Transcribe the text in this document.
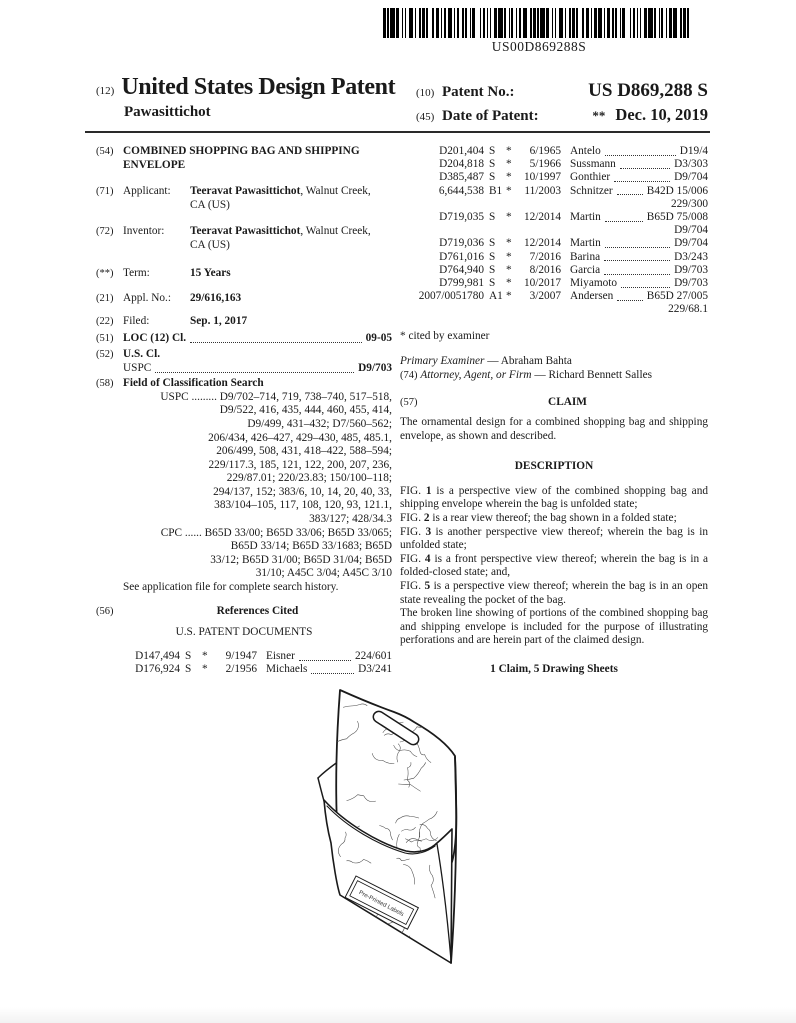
US00D869288S
(12) United States Design Patent
Pawasittichot
(10) Patent No.:	US D869,288 S
(45) Date of Patent:	** Dec. 10, 2019
(54) COMBINED SHOPPING BAG AND SHIPPING ENVELOPE
(71) Applicant:	Teeravat Pawasittichot, Walnut Creek,
CA (US)
(72) Inventor:	Teeravat Pawasittichot, Walnut Creek,
CA (US)
(**) Term:	15 Years
(21) Appl. No.:	29/616,163
(22) Filed:	Sep. 1, 2017
(51) LOC (12) Cl.	09-05
(52) U.S. Cl.
USPC	D9/703
(58) Field of Classification Search
USPC ......... D9/702–714, 719, 738–740, 517–518,
D9/522, 416, 435, 444, 460, 455, 414,
D9/499, 431–432; D7/560–562;
206/434, 426–427, 429–430, 485, 485.1,
206/499, 508, 431, 418–422, 588–594;
229/117.3, 185, 121, 122, 200, 207, 236,
229/87.01; 220/23.83; 150/100–118;
294/137, 152; 383/6, 10, 14, 20, 40, 33,
383/104–105, 117, 108, 120, 93, 121.1,
383/127; 428/34.3
CPC ...... B65D 33/00; B65D 33/06; B65D 33/065;
B65D 33/14; B65D 33/1683; B65D
33/12; B65D 31/00; B65D 31/04; B65D
31/10; A45C 3/04; A45C 3/10
See application file for complete search history.
(56)	References Cited
U.S. PATENT DOCUMENTS
D147,494 S *	9/1947 Eisner	224/601
D176,924 S *	2/1956 Michaels	D3/241
D201,404 S *	6/1965 Antelo	D19/4
D204,818 S *	5/1966 Sussmann	D3/303
D385,487 S *	10/1997 Gonthier	D9/704
6,644,538 B1 *	11/2003 Schnitzer	B42D 15/006
229/300
D719,035 S *	12/2014 Martin	B65D 75/008
D9/704
D719,036 S *	12/2014 Martin	D9/704
D761,016 S *	7/2016 Barina	D3/243
D764,940 S *	8/2016 Garcia	D9/703
D799,981 S *	10/2017 Miyamoto	D9/703
2007/0051780 A1 *	3/2007 Andersen	B65D 27/005
229/68.1
* cited by examiner
Primary Examiner — Abraham Bahta
(74) Attorney, Agent, or Firm — Richard Bennett Salles
(57)	CLAIM
The ornamental design for a combined shopping bag and shipping envelope, as shown and described.
DESCRIPTION
FIG. 1 is a perspective view of the combined shopping bag and shipping envelope wherein the bag is unfolded state;
FIG. 2 is a rear view thereof; the bag shown in a folded state;
FIG. 3 is another perspective view thereof; wherein the bag is in unfolded state;
FIG. 4 is a front perspective view thereof; wherein the bag is in a folded-closed state; and,
FIG. 5 is a perspective view thereof; wherein the bag is in an open state revealing the pocket of the bag.
The broken line showing of portions of the combined shopping bag and shipping envelope is included for the purpose of illustrating perforations and are herein part of the claimed design.
1 Claim, 5 Drawing Sheets
Pre-Printed Labels
